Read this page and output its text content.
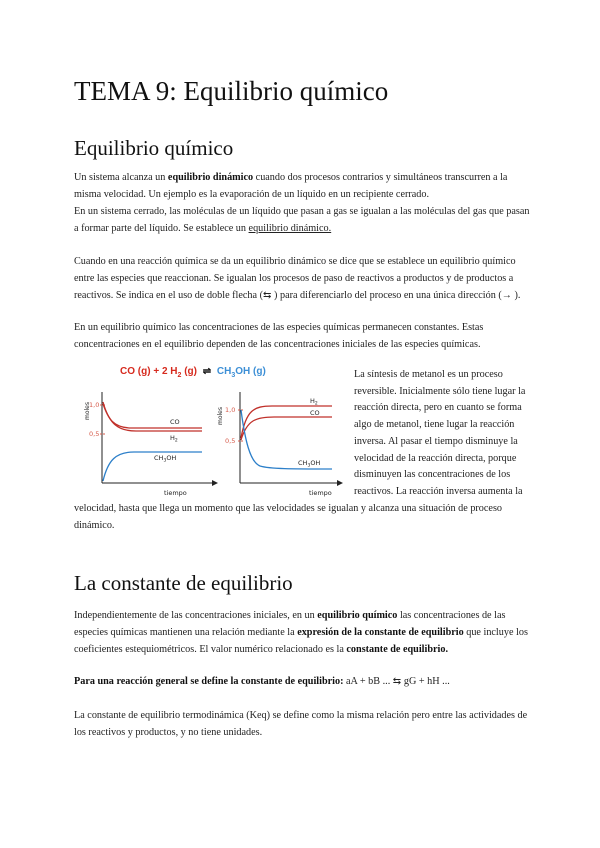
TEMA 9: Equilibrio químico
Equilibrio químico

Un sistema alcanza un equilibrio dinámico cuando dos procesos contrarios y simultáneos transcurren a la misma velocidad. Un ejemplo es la evaporación de un líquido en un recipiente cerrado.
En un sistema cerrado, las moléculas de un líquido que pasan a gas se igualan a las moléculas del gas que pasan a formar parte del líquido. Se establece un equilibrio dinámico.

Cuando en una reacción química se da un equilibrio dinámico se dice que se establece un equilibrio químico entre las especies que reaccionan. Se igualan los procesos de paso de reactivos a productos y de productos a reactivos. Se indica en el uso de doble flecha (⇆ ) para diferenciarlo del proceso en una única dirección (→ ).

En un equilibrio químico las concentraciones de las especies químicas permanecen constantes. Estas concentraciones en el equilibrio dependen de las concentraciones iniciales de las especies químicas.

CO (g) + 2 $H_2$ (g) ⇌ $CH_3OH$ (g)
moles
1,0
0,5
CO
$H_2$
$CH_3OH$
tiempo
moles 1,0
0,5
$H_2$
CO
$CH_3OH$
tiempo

La síntesis de metanol es un proceso reversible. Inicialmente sólo tiene lugar la reacción directa, pero en cuanto se forma algo de metanol, tiene lugar la reacción inversa. Al pasar el tiempo disminuye la velocidad de la reacción directa, porque disminuyen las concentraciones de los reactivos. La reacción inversa aumenta la

velocidad, hasta que llega un momento que las velocidades se igualan y alcanza una situación de proceso dinámico.

La constante de equilibrio

Independientemente de las concentraciones iniciales, en un equilibrio químico las concentraciones de las especies químicas mantienen una relación mediante la expresión de la constante de equilibrio que incluye los coeficientes estequiométricos. El valor numérico relacionado es la constante de equilibrio.

Para una reacción general se define la constante de equilibrio: aA + bB ... ⇆ gG + hH ...

La constante de equilibrio termodinámica (Keq) se define como la misma relación pero entre las actividades de los reactivos y productos, y no tiene unidades.
